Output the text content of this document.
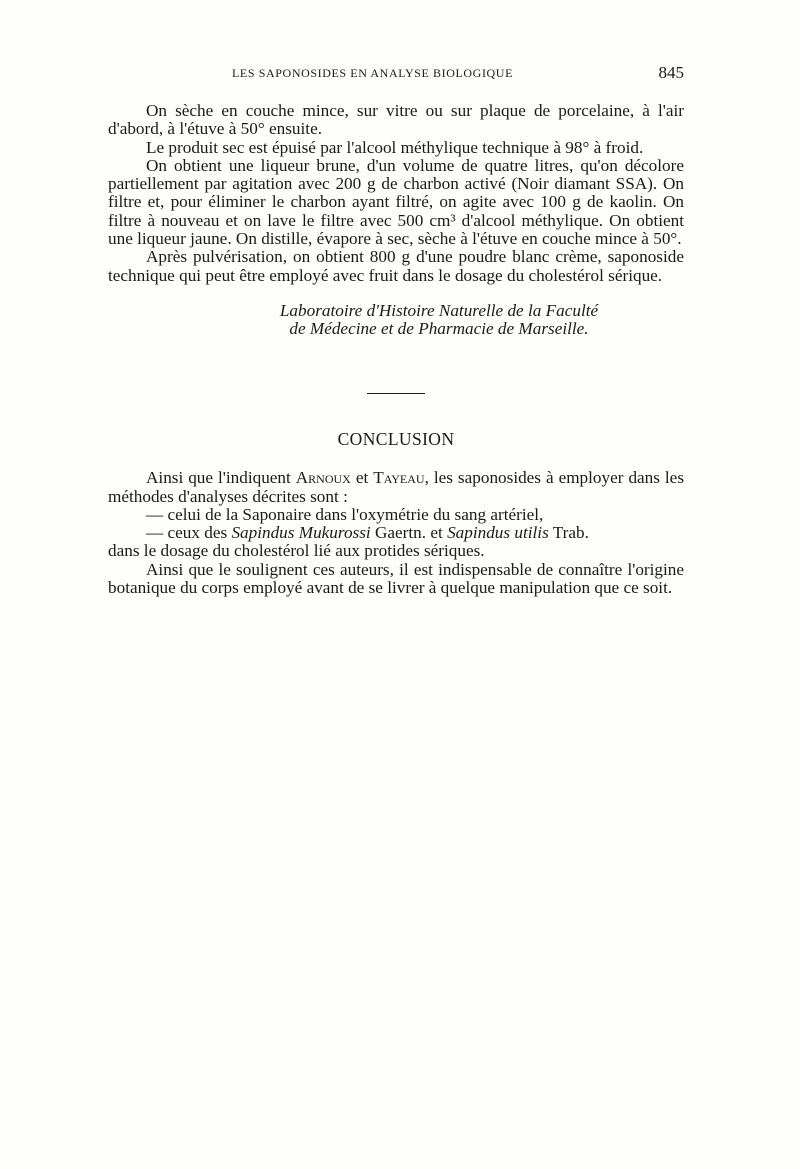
LES SAPONOSIDES EN ANALYSE BIOLOGIQUE	845

On sèche en couche mince, sur vitre ou sur plaque de porcelaine, à l'air d'abord, à l'étuve à 50° ensuite.

Le produit sec est épuisé par l'alcool méthylique technique à 98° à froid.

On obtient une liqueur brune, d'un volume de quatre litres, qu'on décolore partiellement par agitation avec 200 g de charbon activé (Noir diamant SSA). On filtre et, pour éliminer le charbon ayant filtré, on agite avec 100 g de kaolin. On filtre à nouveau et on lave le filtre avec 500 cm³ d'alcool méthylique. On obtient une liqueur jaune. On distille, évapore à sec, sèche à l'étuve en couche mince à 50°.

Après pulvérisation, on obtient 800 g d'une poudre blanc crème, saponoside technique qui peut être employé avec fruit dans le dosage du cholestérol sérique.

Laboratoire d'Histoire Naturelle de la Faculté
de Médecine et de Pharmacie de Marseille.
CONCLUSION

Ainsi que l'indiquent Arnoux et Tayeau, les saponosides à employer dans les méthodes d'analyses décrites sont :

— celui de la Saponaire dans l'oxymétrie du sang artériel,

— ceux des Sapindus Mukurossi Gaertn. et Sapindus utilis Trab.

dans le dosage du cholestérol lié aux protides sériques.

Ainsi que le soulignent ces auteurs, il est indispensable de connaître l'origine botanique du corps employé avant de se livrer à quelque manipulation que ce soit.
